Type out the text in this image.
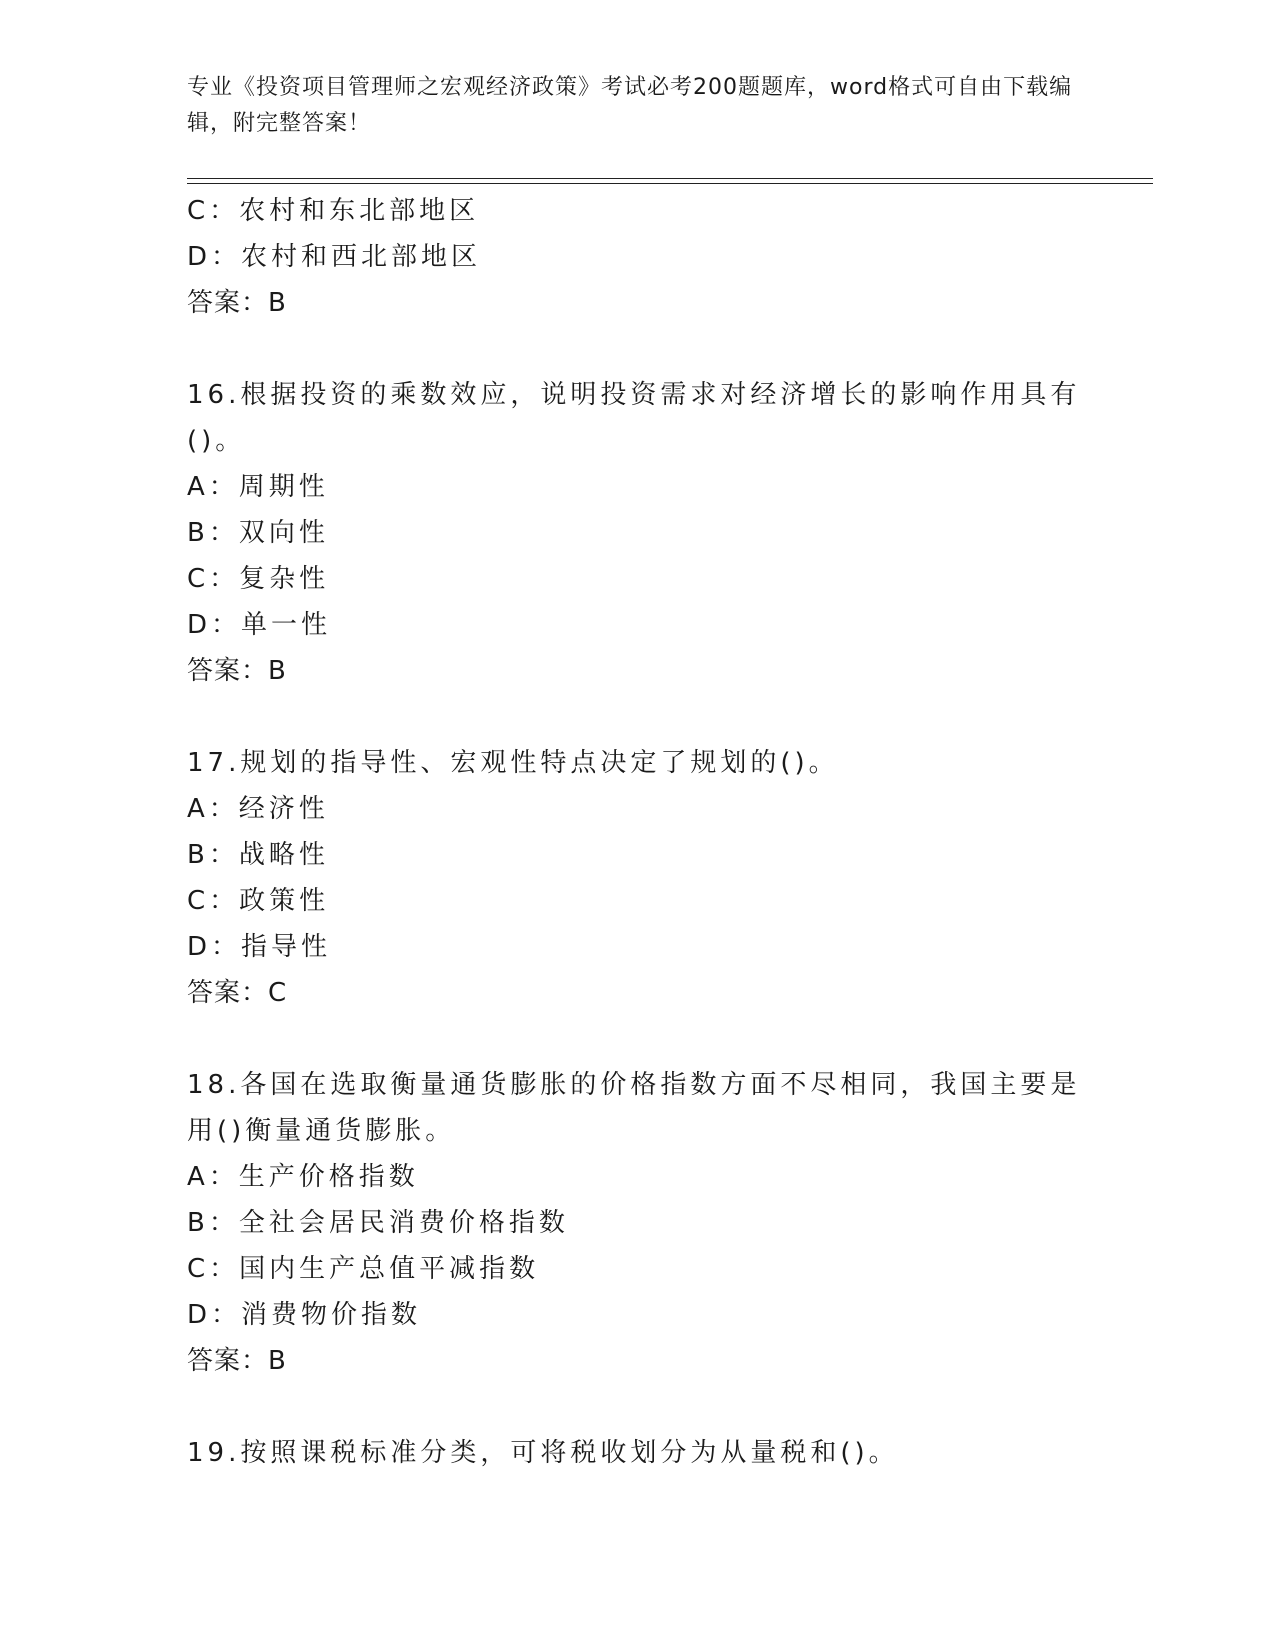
专业《投资项目管理师之宏观经济政策》考试必考200题题库，word格式可自由下载编辑，附完整答案！
C：农村和东北部地区
D：农村和西北部地区
答案：B
16.根据投资的乘数效应，说明投资需求对经济增长的影响作用具有()。
A：周期性
B：双向性
C：复杂性
D：单一性
答案：B
17.规划的指导性、宏观性特点决定了规划的()。
A：经济性
B：战略性
C：政策性
D：指导性
答案：C
18.各国在选取衡量通货膨胀的价格指数方面不尽相同，我国主要是用()衡量通货膨胀。
A：生产价格指数
B：全社会居民消费价格指数
C：国内生产总值平减指数
D：消费物价指数
答案：B
19.按照课税标准分类，可将税收划分为从量税和()。
